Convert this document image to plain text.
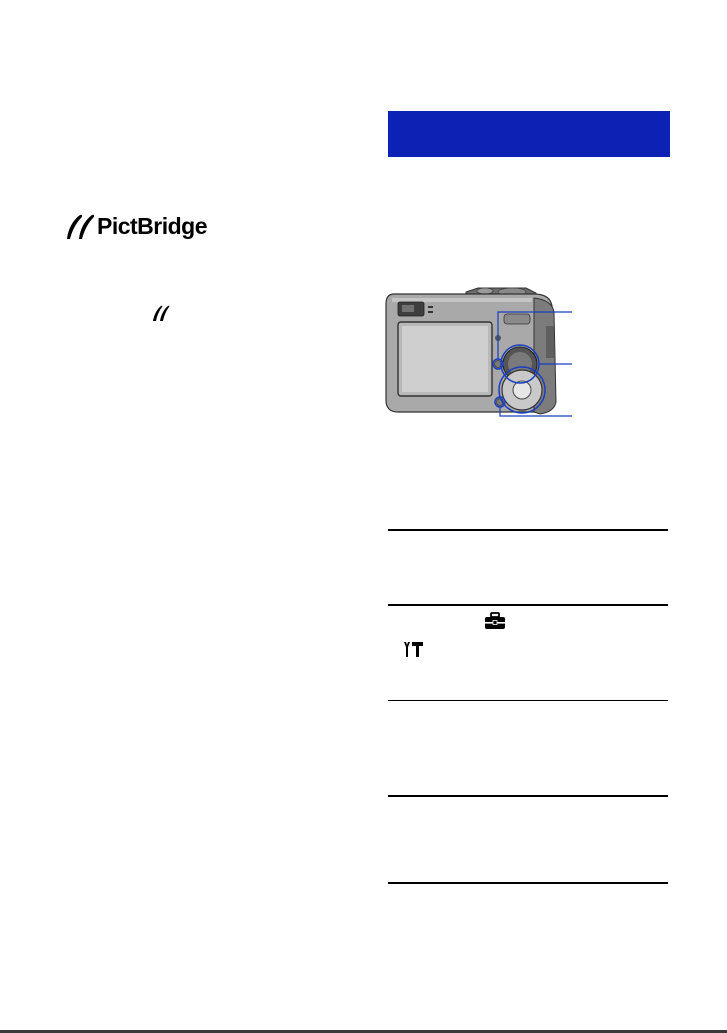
PictBridge
